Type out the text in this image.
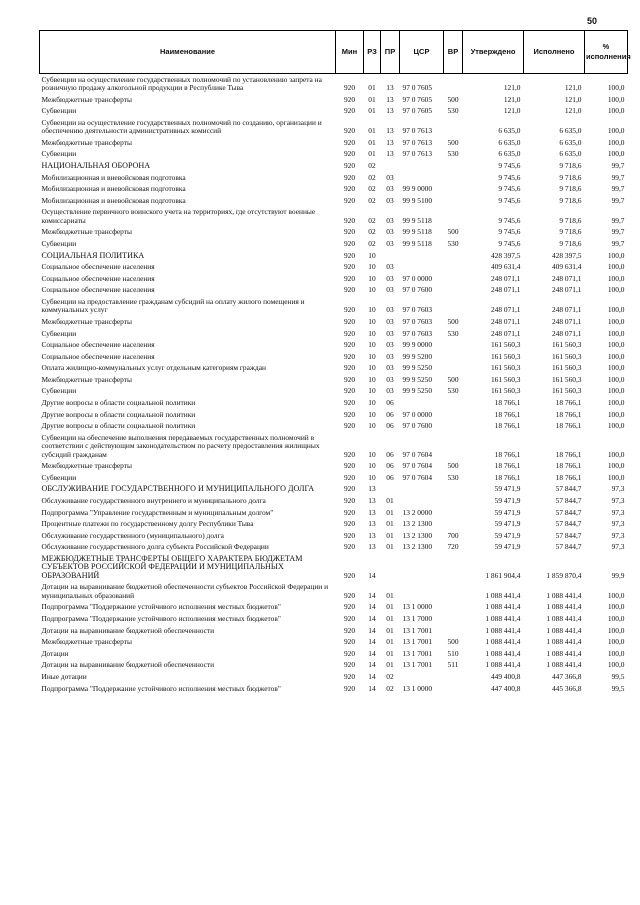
50
Наименование	Мин	РЗ	ПР	ЦСР	ВР	Утверждено	Исполнено	% исполнения
Субвенции на осуществление государственных полномочий по установлению запрета на розничную продажу алкогольной продукции в Республике Тыва	920	01	13	97 0 7605		121,0	121,0	100,0
Межбюджетные трансферты	920	01	13	97 0 7605	500	121,0	121,0	100,0
Субвенции	920	01	13	97 0 7605	530	121,0	121,0	100,0
Субвенции на осуществление государственных полномочий по созданию, организации и обеспечению деятельности административных комиссий	920	01	13	97 0 7613		6 635,0	6 635,0	100,0
Межбюджетные трансферты	920	01	13	97 0 7613	500	6 635,0	6 635,0	100,0
Субвенции	920	01	13	97 0 7613	530	6 635,0	6 635,0	100,0
НАЦИОНАЛЬНАЯ ОБОРОНА	920	02				9 745,6	9 718,6	99,7
Мобилизационная и вневойсковая подготовка	920	02	03			9 745,6	9 718,6	99,7
Мобилизационная и вневойсковая подготовка	920	02	03	99 9 0000		9 745,6	9 718,6	99,7
Мобилизационная и вневойсковая подготовка	920	02	03	99 9 5100		9 745,6	9 718,6	99,7
Осуществление первичного воинского учета на территориях, где отсутствуют военные комиссариаты	920	02	03	99 9 5118		9 745,6	9 718,6	99,7
Межбюджетные трансферты	920	02	03	99 9 5118	500	9 745,6	9 718,6	99,7
Субвенции	920	02	03	99 9 5118	530	9 745,6	9 718,6	99,7
СОЦИАЛЬНАЯ ПОЛИТИКА	920	10				428 397,5	428 397,5	100,0
Социальное обеспечение населения	920	10	03			409 631,4	409 631,4	100,0
Социальное обеспечение населения	920	10	03	97 0 0000		248 071,1	248 071,1	100,0
Социальное обеспечение населения	920	10	03	97 0 7600		248 071,1	248 071,1	100,0
Субвенции на предоставление гражданам субсидий на оплату жилого помещения и коммунальных услуг	920	10	03	97 0 7603		248 071,1	248 071,1	100,0
Межбюджетные трансферты	920	10	03	97 0 7603	500	248 071,1	248 071,1	100,0
Субвенции	920	10	03	97 0 7603	530	248 071,1	248 071,1	100,0
Социальное обеспечение населения	920	10	03	99 9 0000		161 560,3	161 560,3	100,0
Социальное обеспечение населения	920	10	03	99 9 5200		161 560,3	161 560,3	100,0
Оплата жилищно-коммунальных услуг отдельным категориям граждан	920	10	03	99 9 5250		161 560,3	161 560,3	100,0
Межбюджетные трансферты	920	10	03	99 9 5250	500	161 560,3	161 560,3	100,0
Субвенции	920	10	03	99 9 5250	530	161 560,3	161 560,3	100,0
Другие вопросы в области социальной политики	920	10	06			18 766,1	18 766,1	100,0
Другие вопросы в области социальной политики	920	10	06	97 0 0000		18 766,1	18 766,1	100,0
Другие вопросы в области социальной политики	920	10	06	97 0 7600		18 766,1	18 766,1	100,0
Субвенции на обеспечение выполнения передаваемых государственных полномочий в соответствии с действующим законодательством по расчету предоставления жилищных субсидий гражданам	920	10	06	97 0 7604		18 766,1	18 766,1	100,0
Межбюджетные трансферты	920	10	06	97 0 7604	500	18 766,1	18 766,1	100,0
Субвенции	920	10	06	97 0 7604	530	18 766,1	18 766,1	100,0
ОБСЛУЖИВАНИЕ ГОСУДАРСТВЕННОГО И МУНИЦИПАЛЬНОГО ДОЛГА	920	13				59 471,9	57 844,7	97,3
Обслуживание государственного внутреннего и муниципального долга	920	13	01			59 471,9	57 844,7	97,3
Подпрограмма "Управление государственным и муниципальным долгом"	920	13	01	13 2 0000		59 471,9	57 844,7	97,3
Процентные платежи по государственному долгу Республики Тыва	920	13	01	13 2 1300		59 471,9	57 844,7	97,3
Обслуживание государственного (муниципального) долга	920	13	01	13 2 1300	700	59 471,9	57 844,7	97,3
Обслуживание государственного долга субъекта Российской Федерации	920	13	01	13 2 1300	720	59 471,9	57 844,7	97,3
МЕЖБЮДЖЕТНЫЕ ТРАНСФЕРТЫ ОБЩЕГО ХАРАКТЕРА БЮДЖЕТАМ СУБЪЕКТОВ РОССИЙСКОЙ ФЕДЕРАЦИИ И МУНИЦИПАЛЬНЫХ ОБРАЗОВАНИЙ	920	14				1 861 904,4	1 859 870,4	99,9
Дотации на выравнивание бюджетной обеспеченности субъектов Российской Федерации и муниципальных образований	920	14	01			1 088 441,4	1 088 441,4	100,0
Подпрограмма "Поддержание устойчивого исполнения местных бюджетов"	920	14	01	13 1 0000		1 088 441,4	1 088 441,4	100,0
Подпрограмма "Поддержание устойчивого исполнения местных бюджетов"	920	14	01	13 1 7000		1 088 441,4	1 088 441,4	100,0
Дотации на выравнивание бюджетной обеспеченности	920	14	01	13 1 7001		1 088 441,4	1 088 441,4	100,0
Межбюджетные трансферты	920	14	01	13 1 7001	500	1 088 441,4	1 088 441,4	100,0
Дотации	920	14	01	13 1 7001	510	1 088 441,4	1 088 441,4	100,0
Дотации на выравнивание бюджетной обеспеченности	920	14	01	13 1 7001	511	1 088 441,4	1 088 441,4	100,0
Иные дотации	920	14	02			449 400,8	447 366,8	99,5
Подпрограмма "Поддержание устойчивого исполнения местных бюджетов"	920	14	02	13 1 0000		447 400,8	445 366,8	99,5
